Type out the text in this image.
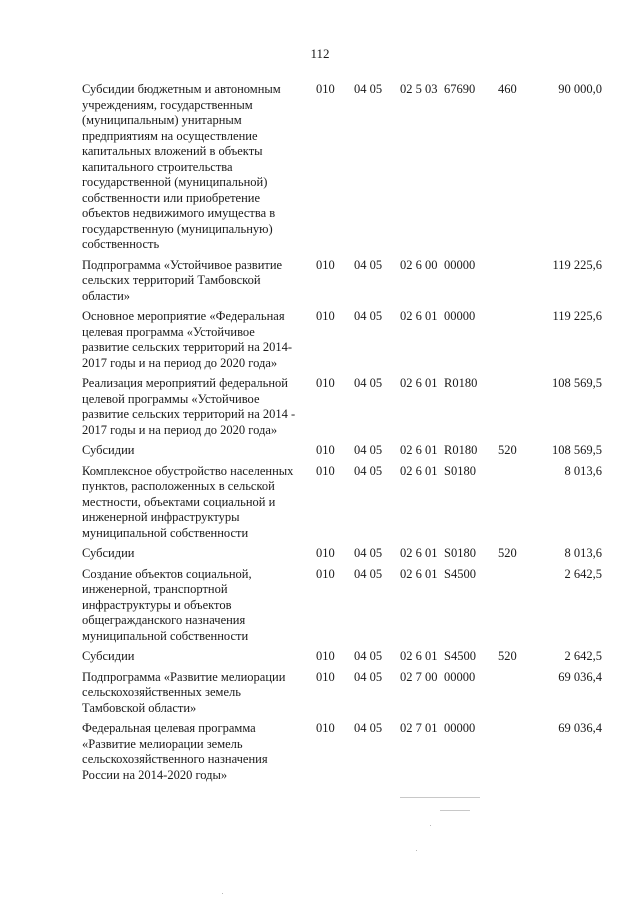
112
Субсидии бюджетным и автономным учреждениям, государственным (муниципальным) унитарным предприятиям на осуществление капитальных вложений в объекты капитального строительства государственной (муниципальной) собственности или приобретение объектов недвижимого имущества в государственную (муниципальную) собственность	010	04 05	02 5 03	67690	460	90 000,0
Подпрограмма «Устойчивое развитие сельских территорий Тамбовской области»	010	04 05	02 6 00	00000		119 225,6
Основное мероприятие «Федеральная целевая программа «Устойчивое развитие сельских территорий на 2014-2017 годы и на период до 2020 года»	010	04 05	02 6 01	00000		119 225,6
Реализация мероприятий федеральной целевой программы «Устойчивое развитие сельских территорий на 2014 - 2017 годы и на период до 2020 года»	010	04 05	02 6 01	R0180		108 569,5
Субсидии	010	04 05	02 6 01	R0180	520	108 569,5
Комплексное обустройство населенных пунктов, расположенных в сельской местности, объектами социальной и инженерной инфраструктуры муниципальной собственности	010	04 05	02 6 01	S0180		8 013,6
Субсидии	010	04 05	02 6 01	S0180	520	8 013,6
Создание объектов социальной, инженерной, транспортной инфраструктуры и объектов общегражданского назначения муниципальной собственности	010	04 05	02 6 01	S4500		2 642,5
Субсидии	010	04 05	02 6 01	S4500	520	2 642,5
Подпрограмма «Развитие мелиорации сельскохозяйственных земель Тамбовской области»	010	04 05	02 7 00	00000		69 036,4
Федеральная целевая программа «Развитие мелиорации земель сельскохозяйственного назначения России на 2014-2020 годы»	010	04 05	02 7 01	00000		69 036,4
